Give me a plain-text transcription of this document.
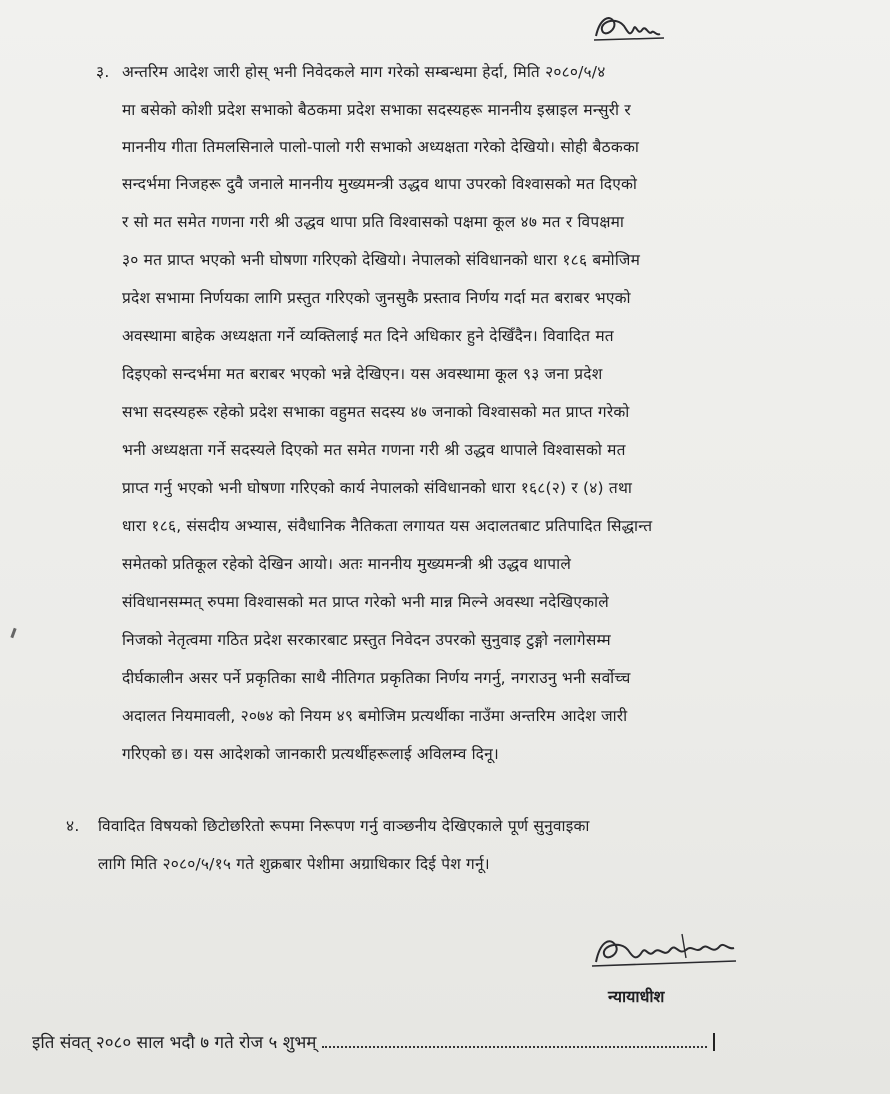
३. अन्तरिम आदेश जारी होस् भनी निवेदकले माग गरेको सम्बन्धमा हेर्दा, मिति २०८०/५/४
मा बसेको कोशी प्रदेश सभाको बैठकमा प्रदेश सभाका सदस्यहरू माननीय इस्राइल मन्सुरी र
माननीय गीता तिमलसिनाले पालो-पालो गरी सभाको अध्यक्षता गरेको देखियो। सोही बैठकका
सन्दर्भमा निजहरू दुवै जनाले माननीय मुख्यमन्त्री उद्धव थापा उपरको विश्वासको मत दिएको
र सो मत समेत गणना गरी श्री उद्धव थापा प्रति विश्वासको पक्षमा कूल ४७ मत र विपक्षमा
३० मत प्राप्त भएको भनी घोषणा गरिएको देखियो। नेपालको संविधानको धारा १८६ बमोजिम
प्रदेश सभामा निर्णयका लागि प्रस्तुत गरिएको जुनसुकै प्रस्ताव निर्णय गर्दा मत बराबर भएको
अवस्थामा बाहेक अध्यक्षता गर्ने व्यक्तिलाई मत दिने अधिकार हुने देखिँदैन। विवादित मत
दिइएको सन्दर्भमा मत बराबर भएको भन्ने देखिएन। यस अवस्थामा कूल ९३ जना प्रदेश
सभा सदस्यहरू रहेको प्रदेश सभाका वहुमत सदस्य ४७ जनाको विश्वासको मत प्राप्त गरेको
भनी अध्यक्षता गर्ने सदस्यले दिएको मत समेत गणना गरी श्री उद्धव थापाले विश्वासको मत
प्राप्त गर्नु भएको भनी घोषणा गरिएको कार्य नेपालको संविधानको धारा १६८(२) र (४) तथा
धारा १८६, संसदीय अभ्यास, संवैधानिक नैतिकता लगायत यस अदालतबाट प्रतिपादित सिद्धान्त
समेतको प्रतिकूल रहेको देखिन आयो। अतः माननीय मुख्यमन्त्री श्री उद्धव थापाले
संविधानसम्मत् रुपमा विश्वासको मत प्राप्त गरेको भनी मान्न मिल्ने अवस्था नदेखिएकाले
निजको नेतृत्वमा गठित प्रदेश सरकारबाट प्रस्तुत निवेदन उपरको सुनुवाइ टुङ्गो नलागेसम्म
दीर्घकालीन असर पर्ने प्रकृतिका साथै नीतिगत प्रकृतिका निर्णय नगर्नु, नगराउनु भनी सर्वोच्च
अदालत नियमावली, २०७४ को नियम ४९ बमोजिम प्रत्यर्थीका नाउँमा अन्तरिम आदेश जारी
गरिएको छ। यस आदेशको जानकारी प्रत्यर्थीहरूलाई अविलम्व दिनू।
४. विवादित विषयको छिटोछरितो रूपमा निरूपण गर्नु वाञ्छनीय देखिएकाले पूर्ण सुनुवाइका
लागि मिति २०८०/५/१५ गते शुक्रबार पेशीमा अग्राधिकार दिई पेश गर्नू।
न्यायाधीश
इति संवत् २०८० साल भदौ ७ गते रोज ५ शुभम्
